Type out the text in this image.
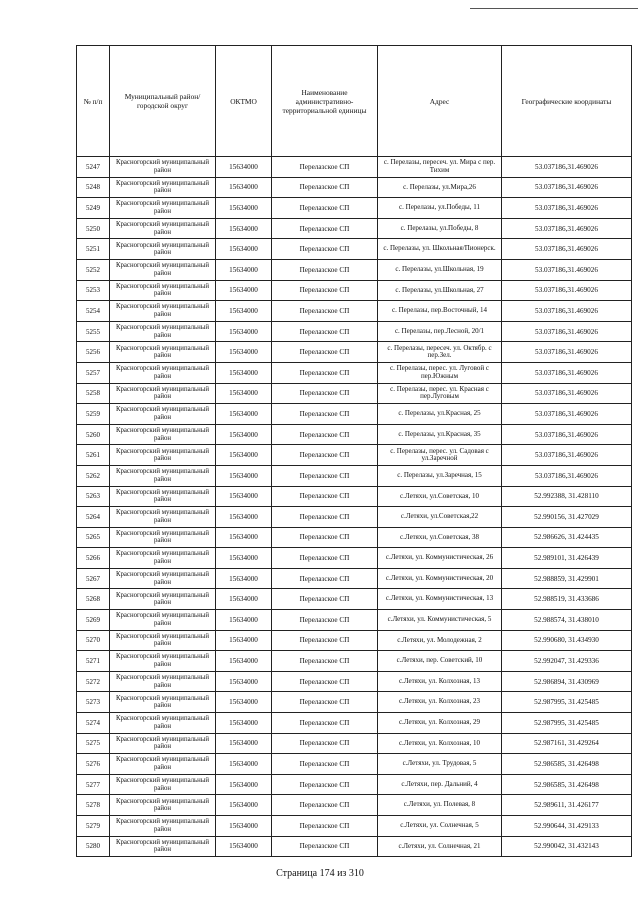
№ п/п	Муниципальный район/городской округ	ОКТМО	Наименование административно-территориальной единицы	Адрес	Географические координаты
5247	Красногорский муниципальный район	15634000	Перелазское СП	с. Перелазы, пересеч. ул. Мира с пер. Тихим	53.037186,31.469026
5248	Красногорский муниципальный район	15634000	Перелазское СП	с. Перелазы, ул.Мира,26	53.037186,31.469026
5249	Красногорский муниципальный район	15634000	Перелазское СП	с. Перелазы, ул.Победы, 11	53.037186,31.469026
5250	Красногорский муниципальный район	15634000	Перелазское СП	с. Перелазы, ул.Победы, 8	53.037186,31.469026
5251	Красногорский муниципальный район	15634000	Перелазское СП	с. Перелазы, ул. Школьная/Пионерск.	53.037186,31.469026
5252	Красногорский муниципальный район	15634000	Перелазское СП	с. Перелазы, ул.Школьная, 19	53.037186,31.469026
5253	Красногорский муниципальный район	15634000	Перелазское СП	с. Перелазы, ул.Школьная, 27	53.037186,31.469026
5254	Красногорский муниципальный район	15634000	Перелазское СП	с. Перелазы, пер.Восточный, 14	53.037186,31.469026
5255	Красногорский муниципальный район	15634000	Перелазское СП	с. Перелазы, пер.Лесной, 20/1	53.037186,31.469026
5256	Красногорский муниципальный район	15634000	Перелазское СП	с. Перелазы, пересеч. ул. Октябр. с пер.Зел.	53.037186,31.469026
5257	Красногорский муниципальный район	15634000	Перелазское СП	с. Перелазы, перес. ул. Луговой с пер.Южным	53.037186,31.469026
5258	Красногорский муниципальный район	15634000	Перелазское СП	с. Перелазы, перес. ул. Красная с пер.Луговым	53.037186,31.469026
5259	Красногорский муниципальный район	15634000	Перелазское СП	с. Перелазы, ул.Красная, 25	53.037186,31.469026
5260	Красногорский муниципальный район	15634000	Перелазское СП	с. Перелазы, ул.Красная, 35	53.037186,31.469026
5261	Красногорский муниципальный район	15634000	Перелазское СП	с. Перелазы, перес. ул. Садовая с ул.Заречной	53.037186,31.469026
5262	Красногорский муниципальный район	15634000	Перелазское СП	с. Перелазы, ул.Заречная, 15	53.037186,31.469026
5263	Красногорский муниципальный район	15634000	Перелазское СП	с.Летяхи, ул.Советская, 10	52.992388, 31.428110
5264	Красногорский муниципальный район	15634000	Перелазское СП	с.Летяхи, ул.Советская,22	52.990156, 31.427029
5265	Красногорский муниципальный район	15634000	Перелазское СП	с.Летяхи, ул.Советская, 38	52.986626, 31.424435
5266	Красногорский муниципальный район	15634000	Перелазское СП	с.Летяхи, ул. Коммунистическая, 26	52.989101, 31.426439
5267	Красногорский муниципальный район	15634000	Перелазское СП	с.Летяхи, ул. Коммунистическая, 20	52.988859, 31.429901
5268	Красногорский муниципальный район	15634000	Перелазское СП	с.Летяхи, ул. Коммунистическая, 13	52.988519, 31.433686
5269	Красногорский муниципальный район	15634000	Перелазское СП	с.Летяхи, ул. Коммунистическая, 5	52.988574, 31.438010
5270	Красногорский муниципальный район	15634000	Перелазское СП	с.Летяхи, ул. Молодежная, 2	52.990680, 31.434930
5271	Красногорский муниципальный район	15634000	Перелазское СП	с.Летяхи, пер. Советский, 10	52.992047, 31.429336
5272	Красногорский муниципальный район	15634000	Перелазское СП	с.Летяхи, ул. Колхозная, 13	52.986894, 31.430969
5273	Красногорский муниципальный район	15634000	Перелазское СП	с.Летяхи, ул. Колхозная, 23	52.987995, 31.425485
5274	Красногорский муниципальный район	15634000	Перелазское СП	с.Летяхи, ул. Колхозная, 29	52.987995, 31.425485
5275	Красногорский муниципальный район	15634000	Перелазское СП	с.Летяхи, ул. Колхозная, 10	52.987161, 31.429264
5276	Красногорский муниципальный район	15634000	Перелазское СП	с.Летяхи, ул. Трудовая, 5	52.986585, 31.426498
5277	Красногорский муниципальный район	15634000	Перелазское СП	с.Летяхи, пер. Дальний, 4	52.986585, 31.426498
5278	Красногорский муниципальный район	15634000	Перелазское СП	с.Летяхи, ул. Полевая, 8	52.989611, 31.426177
5279	Красногорский муниципальный район	15634000	Перелазское СП	с.Летяхи, ул. Солнечная, 5	52.990644, 31.429133
5280	Красногорский муниципальный район	15634000	Перелазское СП	с.Летяхи, ул. Солнечная, 21	52.990042, 31.432143
Страница 174 из 310
